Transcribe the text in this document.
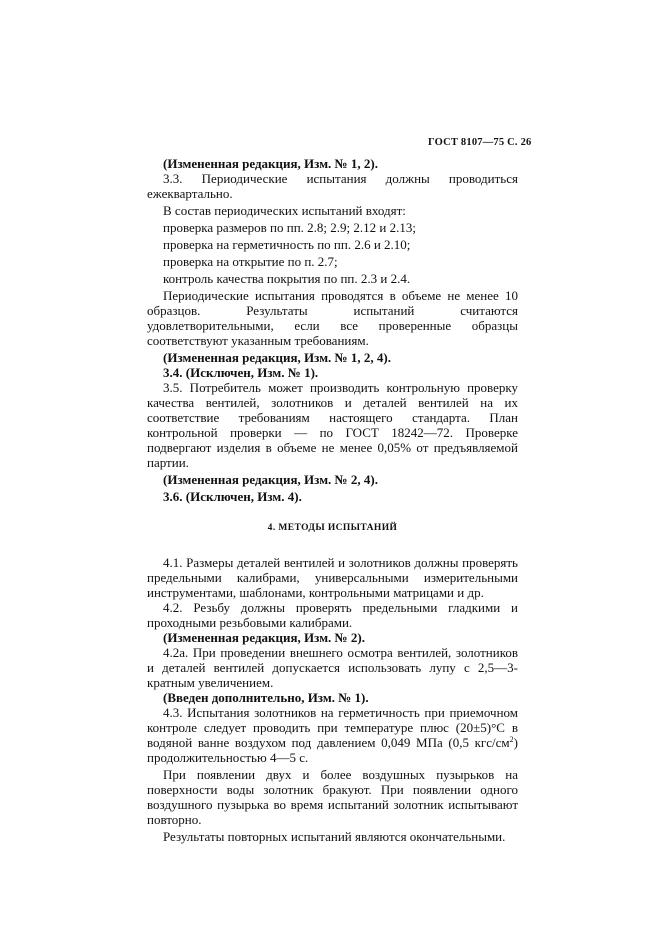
ГОСТ 8107—75 С. 26

(Измененная редакция, Изм. № 1, 2).

3.3. Периодические испытания должны проводиться ежеквартально.

В состав периодических испытаний входят:

проверка размеров по пп. 2.8; 2.9; 2.12 и 2.13;

проверка на герметичность по пп. 2.6 и 2.10;

проверка на открытие по п. 2.7;

контроль качества покрытия по пп. 2.3 и 2.4.

Периодические испытания проводятся в объеме не менее 10 образцов. Результаты испытаний считаются удовлетворительными, если все проверенные образцы соответствуют указанным требованиям.

(Измененная редакция, Изм. № 1, 2, 4).

3.4. (Исключен, Изм. № 1).

3.5. Потребитель может производить контрольную проверку качества вентилей, золотников и деталей вентилей на их соответствие требованиям настоящего стандарта. План контрольной проверки — по ГОСТ 18242—72. Проверке подвергают изделия в объеме не менее 0,05% от предъявляемой партии.

(Измененная редакция, Изм. № 2, 4).

3.6. (Исключен, Изм. 4).

4. МЕТОДЫ ИСПЫТАНИЙ

4.1. Размеры деталей вентилей и золотников должны проверять предельными калибрами, универсальными измерительными инструментами, шаблонами, контрольными матрицами и др.

4.2. Резьбу должны проверять предельными гладкими и проходными резьбовыми калибрами.

(Измененная редакция, Изм. № 2).

4.2а. При проведении внешнего осмотра вентилей, золотников и деталей вентилей допускается использовать лупу с 2,5—3-кратным увеличением.

(Введен дополнительно, Изм. № 1).

4.3. Испытания золотников на герметичность при приемочном контроле следует проводить при температуре плюс (20±5)°С в водяной ванне воздухом под давлением 0,049 МПа (0,5 кгс/$см^2$) продолжительностью 4—5 с.

При появлении двух и более воздушных пузырьков на поверхности воды золотник бракуют. При появлении одного воздушного пузырька во время испытаний золотник испытывают повторно.

Результаты повторных испытаний являются окончательными.
